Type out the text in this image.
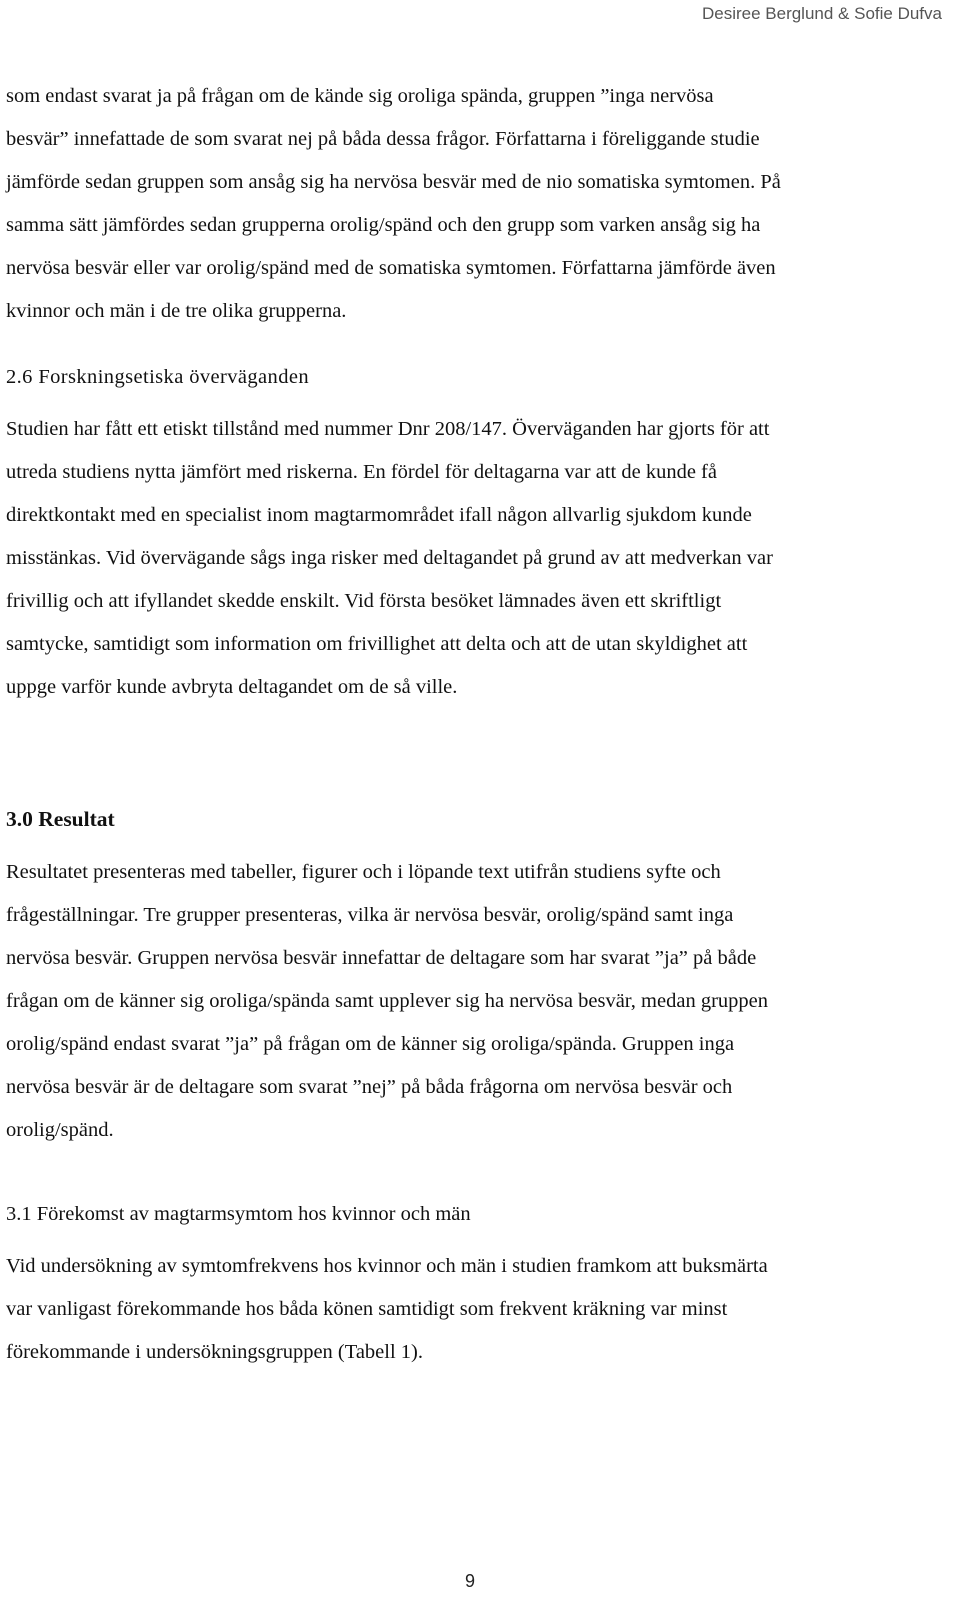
Desiree Berglund & Sofie Dufva
som endast svarat ja på frågan om de kände sig oroliga spända, gruppen ”inga nervösa
besvär” innefattade de som svarat nej på båda dessa frågor. Författarna i föreliggande studie
jämförde sedan gruppen som ansåg sig ha nervösa besvär med de nio somatiska symtomen. På
samma sätt jämfördes sedan grupperna orolig/spänd och den grupp som varken ansåg sig ha
nervösa besvär eller var orolig/spänd med de somatiska symtomen. Författarna jämförde även
kvinnor och män i de tre olika grupperna.
2.6 Forskningsetiska överväganden
Studien har fått ett etiskt tillstånd med nummer Dnr 208/147. Överväganden har gjorts för att
utreda studiens nytta jämfört med riskerna. En fördel för deltagarna var att de kunde få
direktkontakt med en specialist inom magtarmområdet ifall någon allvarlig sjukdom kunde
misstänkas. Vid övervägande sågs inga risker med deltagandet på grund av att medverkan var
frivillig och att ifyllandet skedde enskilt. Vid första besöket lämnades även ett skriftligt
samtycke, samtidigt som information om frivillighet att delta och att de utan skyldighet att
uppge varför kunde avbryta deltagandet om de så ville.
3.0 Resultat
Resultatet presenteras med tabeller, figurer och i löpande text utifrån studiens syfte och
frågeställningar. Tre grupper presenteras, vilka är nervösa besvär, orolig/spänd samt inga
nervösa besvär. Gruppen nervösa besvär innefattar de deltagare som har svarat ”ja” på både
frågan om de känner sig oroliga/spända samt upplever sig ha nervösa besvär, medan gruppen
orolig/spänd endast svarat ”ja” på frågan om de känner sig oroliga/spända. Gruppen inga
nervösa besvär är de deltagare som svarat ”nej” på båda frågorna om nervösa besvär och
orolig/spänd.
3.1 Förekomst av magtarmsymtom hos kvinnor och män
Vid undersökning av symtomfrekvens hos kvinnor och män i studien framkom att buksmärta
var vanligast förekommande hos båda könen samtidigt som frekvent kräkning var minst
förekommande i undersökningsgruppen (Tabell 1).
9
